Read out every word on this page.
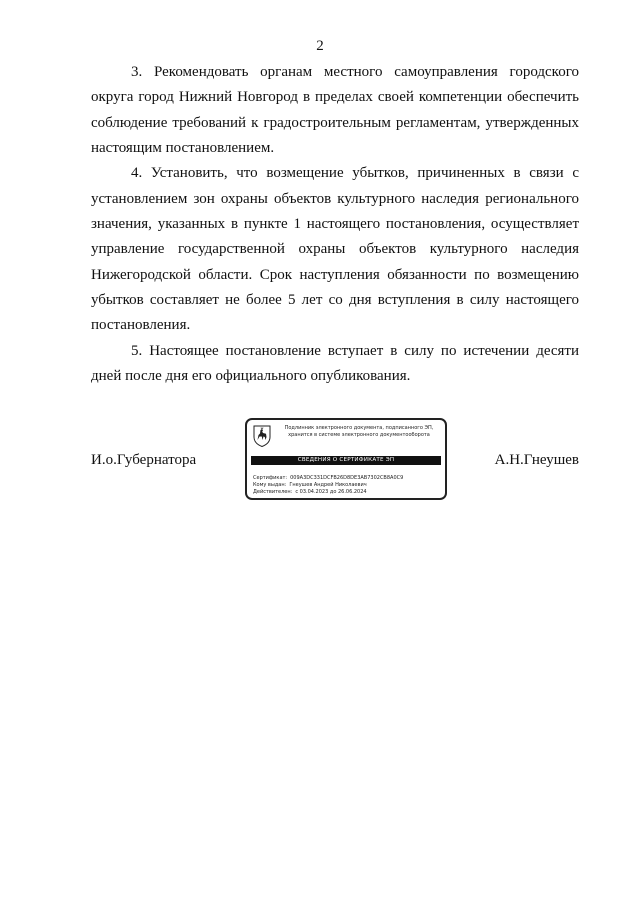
2

3. Рекомендовать органам местного самоуправления городского округа город Нижний Новгород в пределах своей компетенции обеспечить соблюдение требований к градостроительным регламентам, утвержденных настоящим постановлением.

4. Установить, что возмещение убытков, причиненных в связи с установлением зон охраны объектов культурного наследия регионального значения, указанных в пункте 1 настоящего постановления, осуществляет управление государственной охраны объектов культурного наследия Нижегородской области. Срок наступления обязанности по возмещению убытков составляет не более 5 лет со дня вступления в силу настоящего постановления.

5. Настоящее постановление вступает в силу по истечении десяти дней после дня его официального опубликования.

И.о.Губернатора
Подлинник электронного документа, подписанного ЭП,
хранится в системе электронного документооборота
СВЕДЕНИЯ О СЕРТИФИКАТЕ ЭП
Сертификат: 009A3DC331DCFB26D8DE3AB7302CB8A0C9
Кому выдан: Гнеушев Андрей Николаевич
Действителен: с 03.04.2023 до 26.06.2024
А.Н.Гнеушев
